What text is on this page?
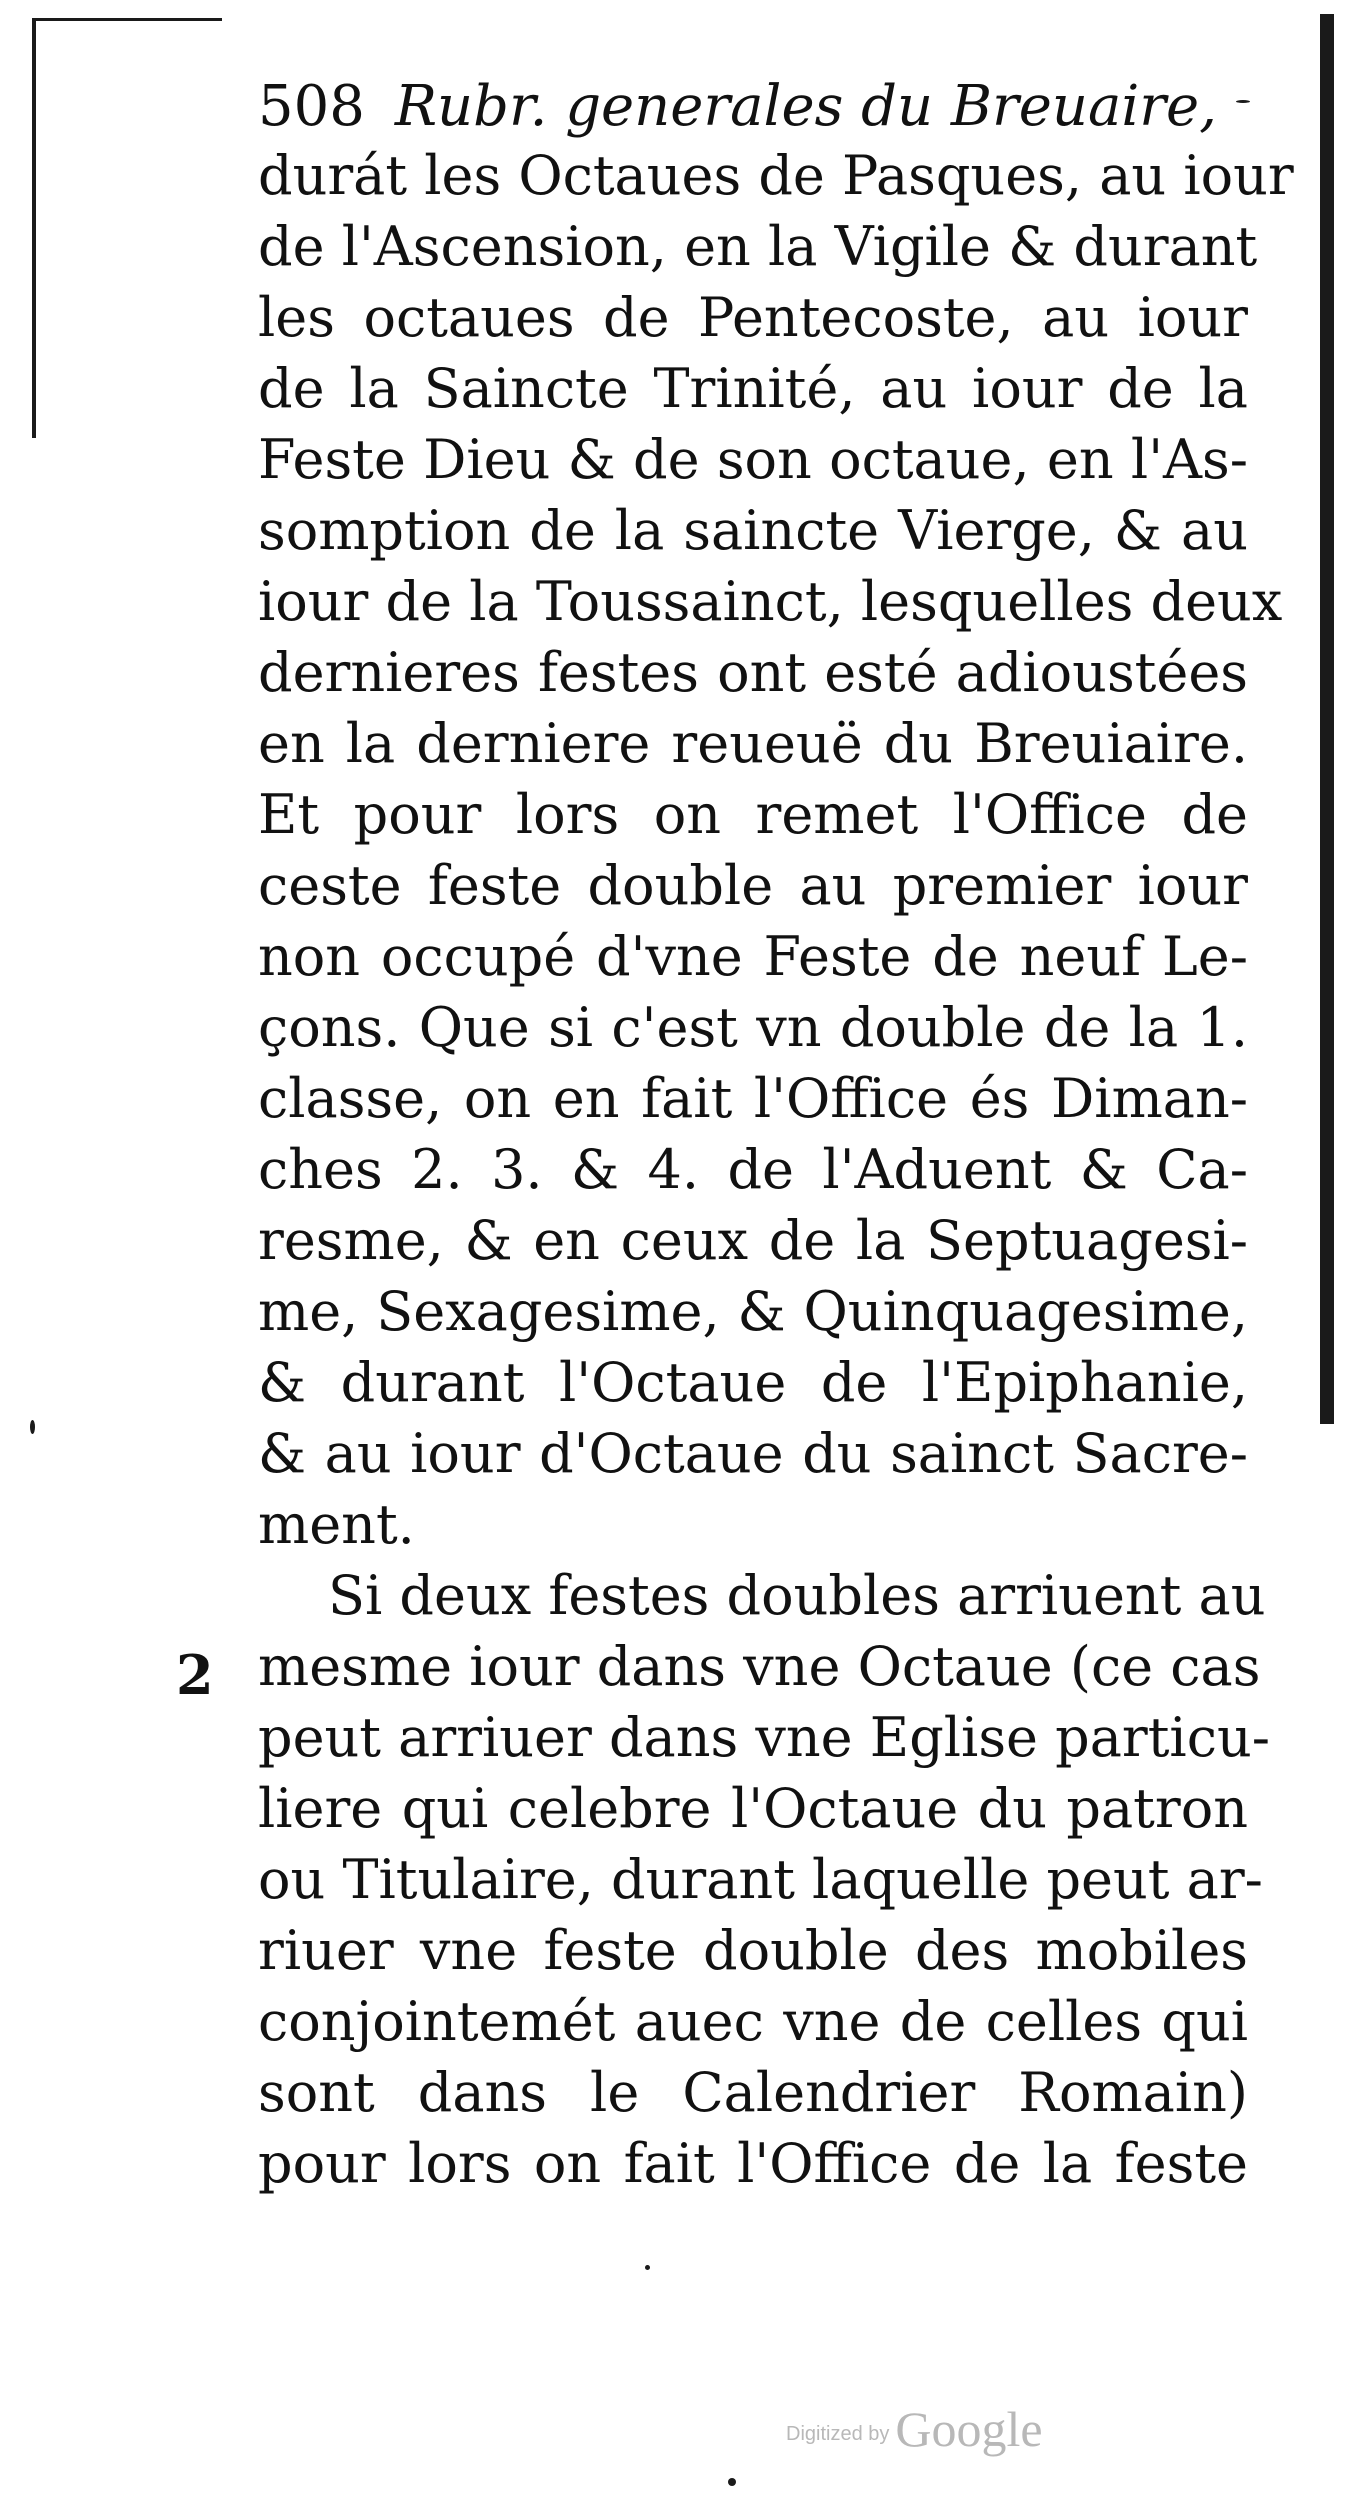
508 Rubr. generales du Breuaire,
durát les Octaues de Pasques, au iour
de l'Ascension, en la Vigile & durant
les octaues de Pentecoste, au iour
de la Saincte Trinité, au iour de la
Feste Dieu & de son octaue, en l'As-
somption de la saincte Vierge, & au
iour de la Toussainct, lesquelles deux
dernieres festes ont esté adioustées
en la derniere reueuë du Breuiaire.
Et pour lors on remet l'Office de
ceste feste double au premier iour
non occupé d'vne Feste de neuf Le-
çons. Que si c'est vn double de la 1.
classe, on en fait l'Office és Diman-
ches 2. 3. & 4. de l'Aduent & Ca-
resme, & en ceux de la Septuagesi-
me, Sexagesime, & Quinquagesime,
& durant l'Octaue de l'Epiphanie,
& au iour d'Octaue du sainct Sacre-
ment.
Si deux festes doubles arriuent au
mesme iour dans vne Octaue (ce cas
peut arriuer dans vne Eglise particu-
liere qui celebre l'Octaue du patron
ou Titulaire, durant laquelle peut ar-
riuer vne feste double des mobiles
conjointemét auec vne de celles qui
sont dans le Calendrier Romain)
pour lors on fait l'Office de la feste
2
Digitized by Google
